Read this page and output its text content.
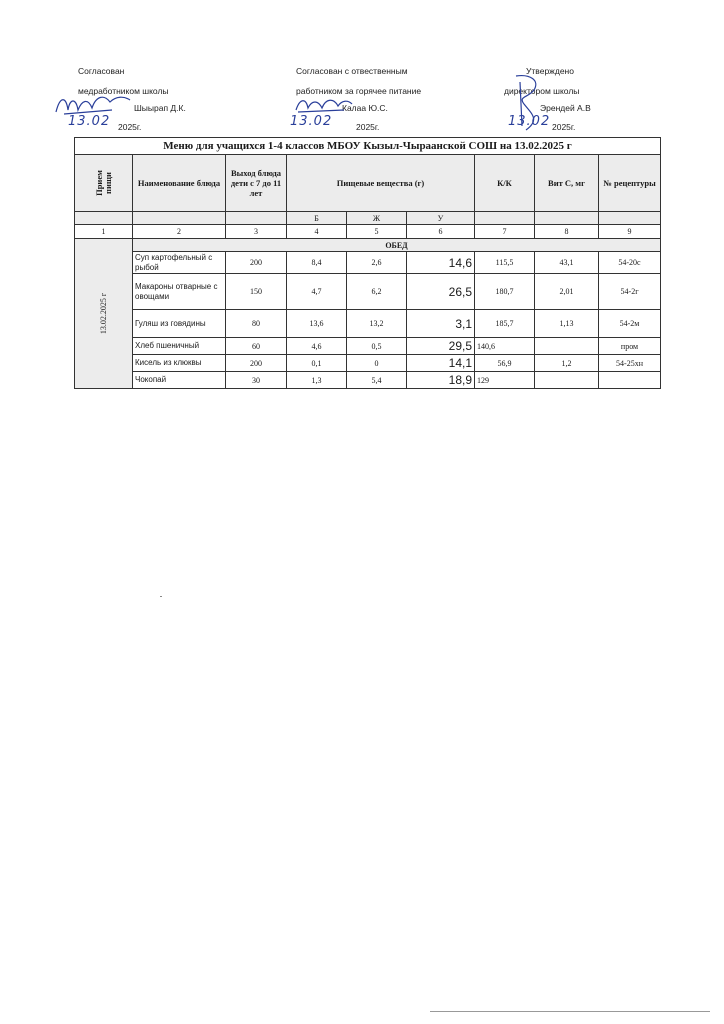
Согласован
медработником школы
Шыырап Д.К.
2025г.
13.02
Согласован с отвественным
работником за горячее питание
Калаа Ю.С.
2025г.
13.02
Утверждено
директором школы
Эрендей А.В
2025г.
13.02
Меню для учащихся 1-4 классов МБОУ Кызыл-Чыраанской СОШ на 13.02.2025 г								
Прием пищи	Наименование блюда	Выход блюда дети с 7 до 11 лет	Пищевые вещества (г)			К/К	Вит С, мг	№ рецептуры
			Б	Ж	У			
1	2	3	4	5	6	7	8	9
13.02.2025 г	ОБЕД							
	Суп картофельный с рыбой	200	8,4	2,6	14,6	115,5	43,1	54-20с
	Макароны отварные с овощами	150	4,7	6,2	26,5	180,7	2,01	54-2г
	Гуляш из говядины	80	13,6	13,2	3,1	185,7	1,13	54-2м
	Хлеб пшеничный	60	4,6	0,5	29,5	140,6		пром
	Кисель из клюквы	200	0,1	0	14,1	56,9	1,2	54-25хн
	Чокопай	30	1,3	5,4	18,9	129		
